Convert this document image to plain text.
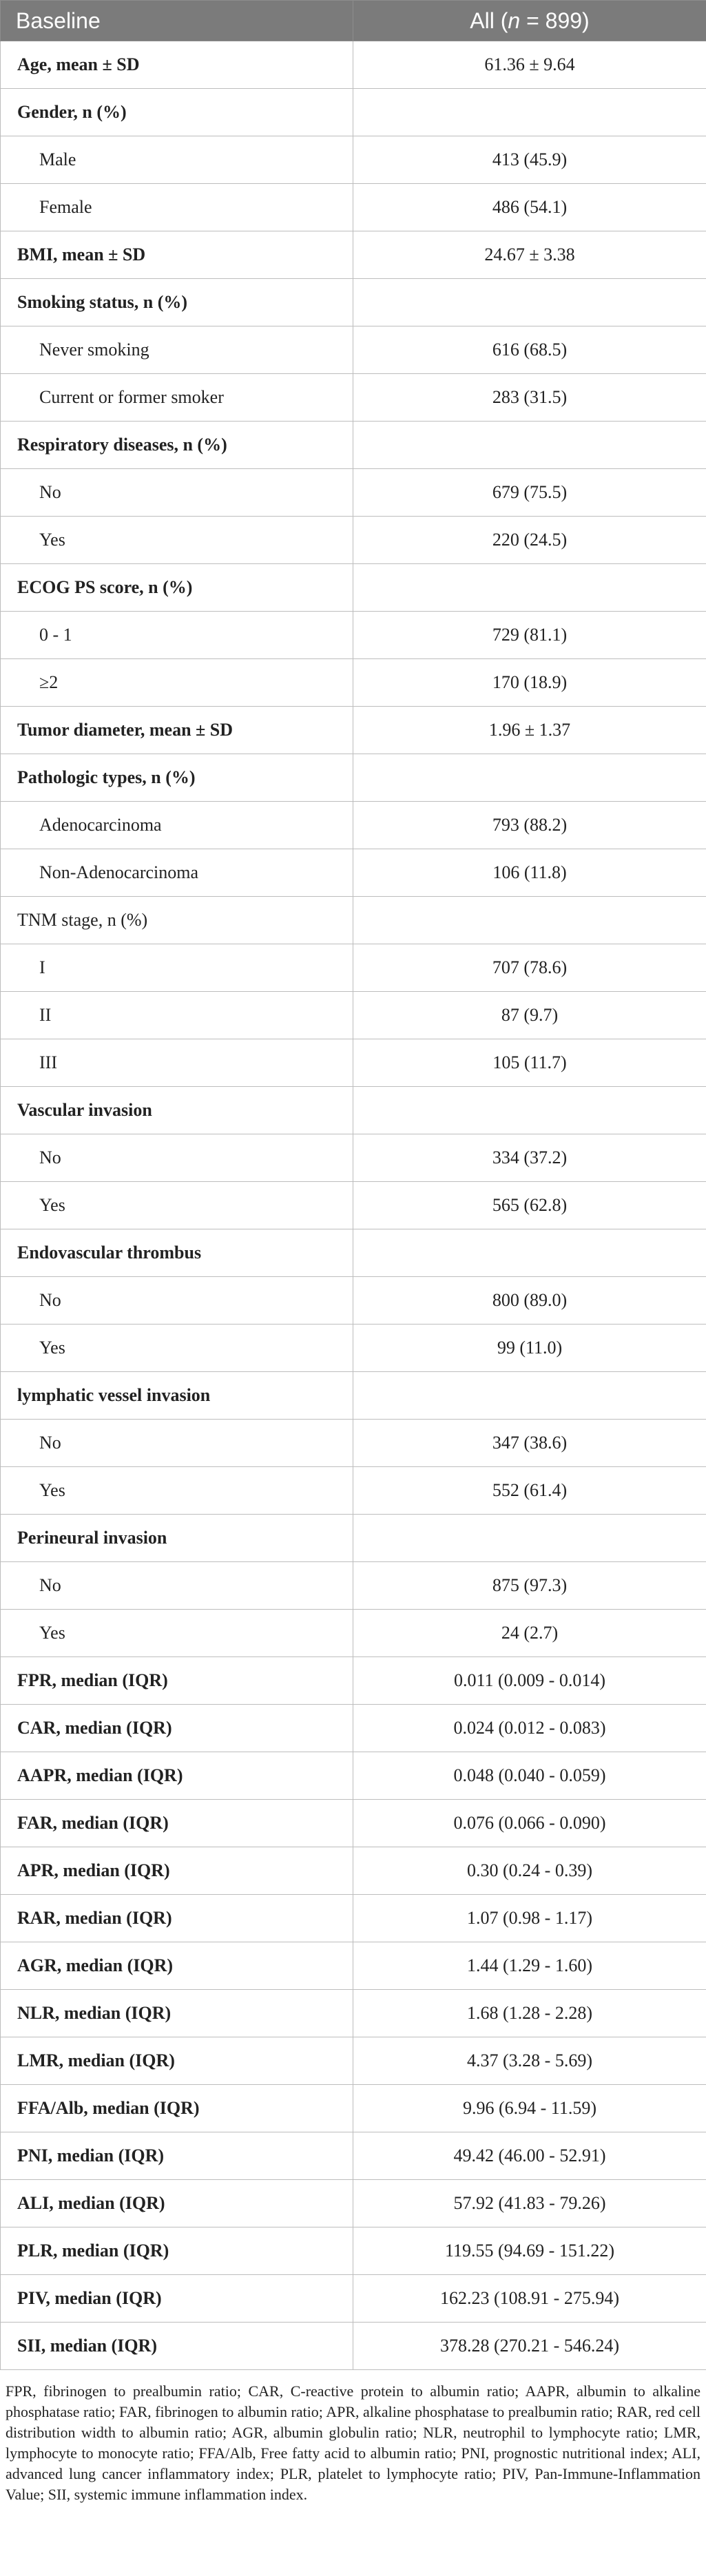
Baseline	All (n = 899)
Age, mean ± SD	61.36 ± 9.64
Gender, n (%)	
Male	413 (45.9)
Female	486 (54.1)
BMI, mean ± SD	24.67 ± 3.38
Smoking status, n (%)	
Never smoking	616 (68.5)
Current or former smoker	283 (31.5)
Respiratory diseases, n (%)	
No	679 (75.5)
Yes	220 (24.5)
ECOG PS score, n (%)	
0 - 1	729 (81.1)
≥2	170 (18.9)
Tumor diameter, mean ± SD	1.96 ± 1.37
Pathologic types, n (%)	
Adenocarcinoma	793 (88.2)
Non-Adenocarcinoma	106 (11.8)
TNM stage, n (%)	
I	707 (78.6)
II	87 (9.7)
III	105 (11.7)
Vascular invasion	
No	334 (37.2)
Yes	565 (62.8)
Endovascular thrombus	
No	800 (89.0)
Yes	99 (11.0)
lymphatic vessel invasion	
No	347 (38.6)
Yes	552 (61.4)
Perineural invasion	
No	875 (97.3)
Yes	24 (2.7)
FPR, median (IQR)	0.011 (0.009 - 0.014)
CAR, median (IQR)	0.024 (0.012 - 0.083)
AAPR, median (IQR)	0.048 (0.040 - 0.059)
FAR, median (IQR)	0.076 (0.066 - 0.090)
APR, median (IQR)	0.30 (0.24 - 0.39)
RAR, median (IQR)	1.07 (0.98 - 1.17)
AGR, median (IQR)	1.44 (1.29 - 1.60)
NLR, median (IQR)	1.68 (1.28 - 2.28)
LMR, median (IQR)	4.37 (3.28 - 5.69)
FFA/Alb, median (IQR)	9.96 (6.94 - 11.59)
PNI, median (IQR)	49.42 (46.00 - 52.91)
ALI, median (IQR)	57.92 (41.83 - 79.26)
PLR, median (IQR)	119.55 (94.69 - 151.22)
PIV, median (IQR)	162.23 (108.91 - 275.94)
SII, median (IQR)	378.28 (270.21 - 546.24)
FPR, fibrinogen to prealbumin ratio; CAR, C-reactive protein to albumin ratio; AAPR, albumin to alkaline phosphatase ratio; FAR, fibrinogen to albumin ratio; APR, alkaline phosphatase to prealbumin ratio; RAR, red cell distribution width to albumin ratio; AGR, albumin globulin ratio; NLR, neutrophil to lymphocyte ratio; LMR, lymphocyte to monocyte ratio; FFA/Alb, Free fatty acid to albumin ratio; PNI, prognostic nutritional index; ALI, advanced lung cancer inflammatory index; PLR, platelet to lymphocyte ratio; PIV, Pan-Immune-Inflammation Value; SII, systemic immune inflammation index.
